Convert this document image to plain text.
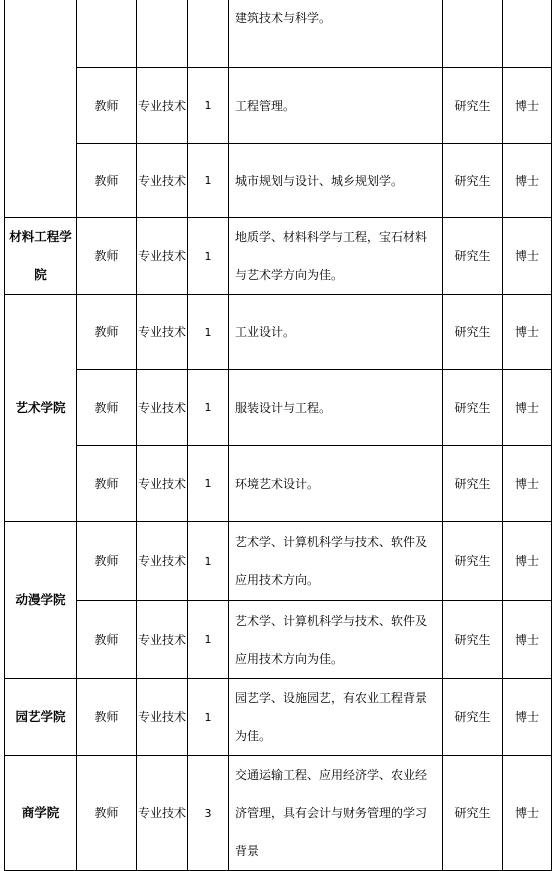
				建筑技术与科学。		
	教师	专业技术	1	工程管理。	研究生	博士
	教师	专业技术	1	城市规划与设计、城乡规划学。	研究生	博士
材料工程学院	教师	专业技术	1	地质学、材料科学与工程，宝石材料与艺术学方向为佳。	研究生	博士
艺术学院	教师	专业技术	1	工业设计。	研究生	博士
	教师	专业技术	1	服装设计与工程。	研究生	博士
	教师	专业技术	1	环境艺术设计。	研究生	博士
动漫学院	教师	专业技术	1	艺术学、计算机科学与技术、软件及应用技术方向。	研究生	博士
	教师	专业技术	1	艺术学、计算机科学与技术、软件及应用技术方向为佳。	研究生	博士
园艺学院	教师	专业技术	1	园艺学、设施园艺，有农业工程背景为佳。	研究生	博士
商学院	教师	专业技术	3	交通运输工程、应用经济学、农业经济管理，具有会计与财务管理的学习背景	研究生	博士
